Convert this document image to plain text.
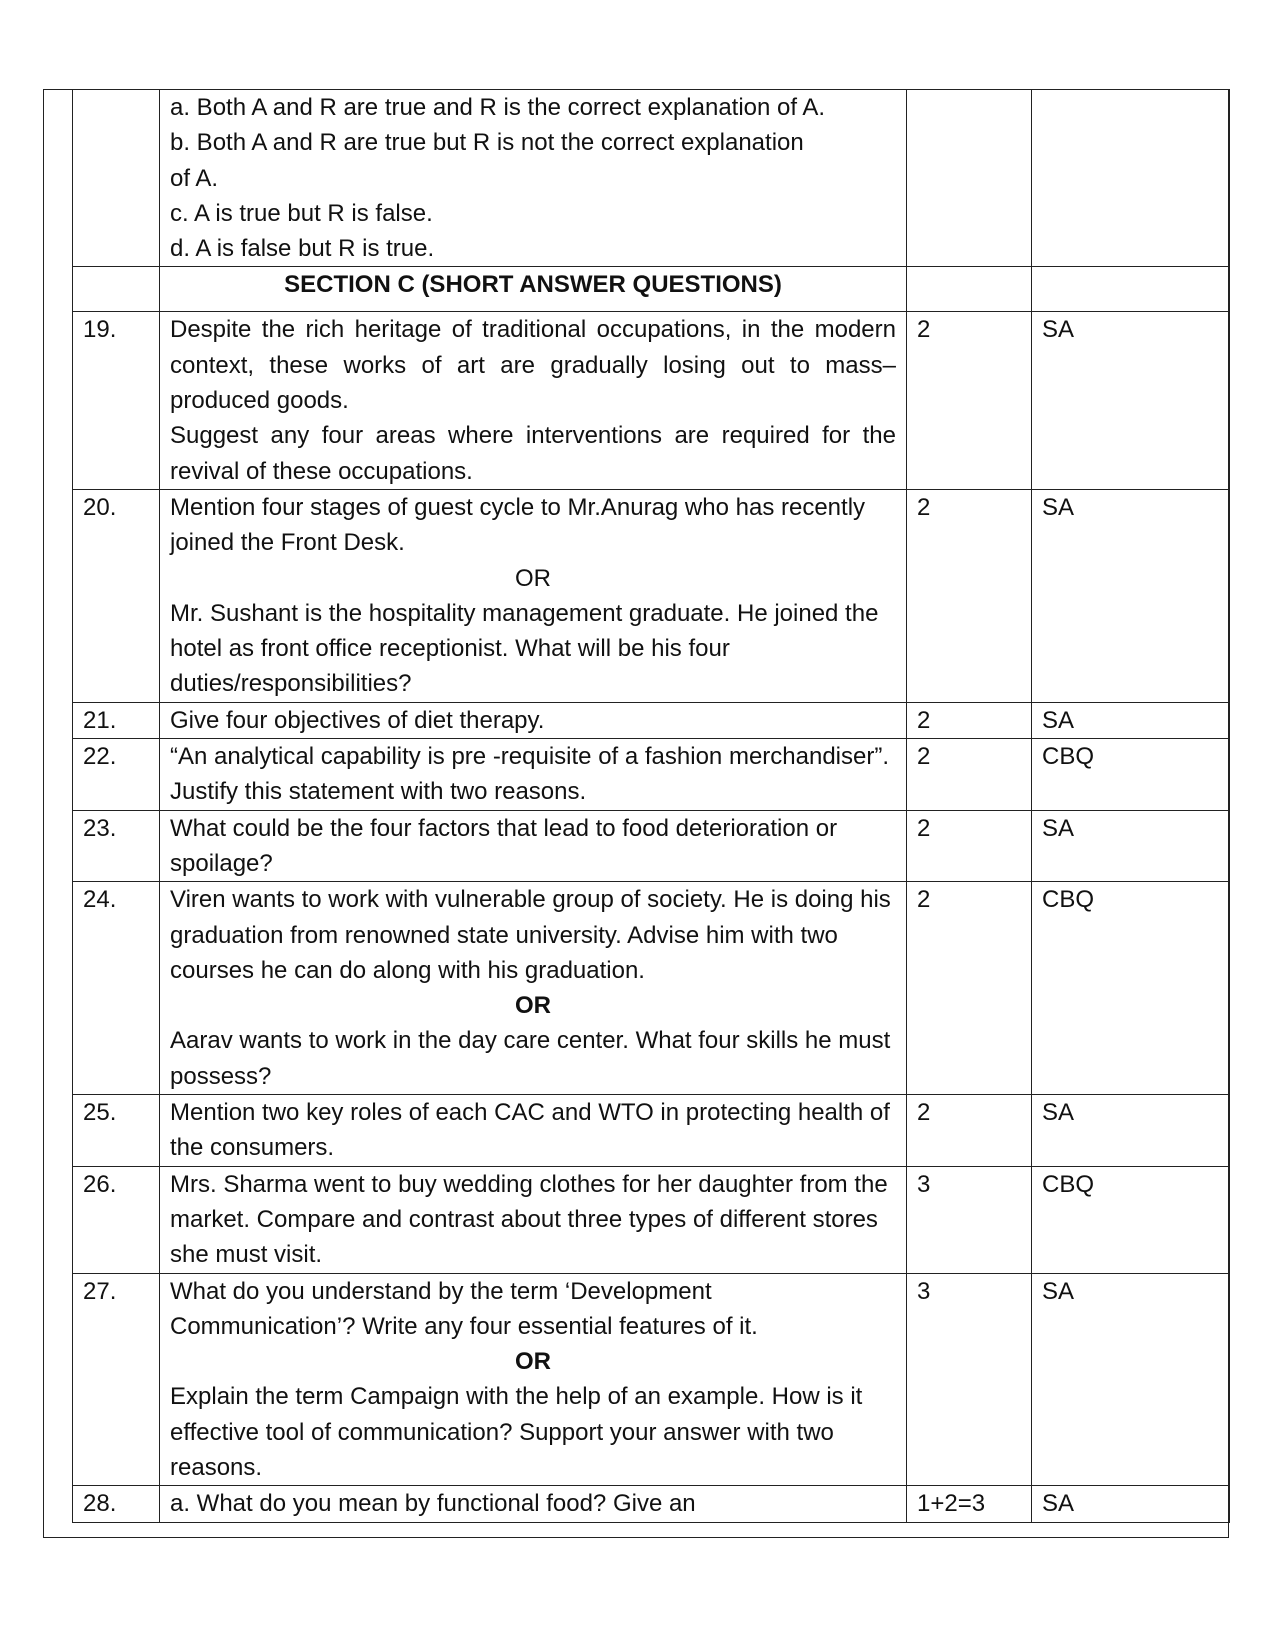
	a. Both A and R are true and R is the correct explanation of A.
b. Both A and R are true but R is not the correct explanation
of A.
c. A is true but R is false.
d. A is false but R is true.		

	SECTION C (SHORT ANSWER QUESTIONS)		
19.	Despite the rich heritage of traditional occupations, in the modern context, these works of art are gradually losing out to mass–produced goods.
Suggest any four areas where interventions are required for the revival of these occupations.	2	SA
20.	Mention four stages of guest cycle to Mr.Anurag who has recently joined the Front Desk.
OR
Mr. Sushant is the hospitality management graduate. He joined the hotel as front office receptionist. What will be his four duties/responsibilities?	2	SA
21.	Give four objectives of diet therapy.	2	SA
22.	“An analytical capability is pre -requisite of a fashion merchandiser”. Justify this statement with two reasons.	2	CBQ
23.	What could be the four factors that lead to food deterioration or spoilage?	2	SA
24.	Viren wants to work with vulnerable group of society. He is doing his graduation from renowned state university. Advise him with two courses he can do along with his graduation.
OR
Aarav wants to work in the day care center. What four skills he must possess?	2	CBQ
25.	Mention two key roles of each CAC and WTO in protecting health of the consumers.	2	SA
26.	Mrs. Sharma went to buy wedding clothes for her daughter from the market. Compare and contrast about three types of different stores she must visit.	3	CBQ
27.	What do you understand by the term ‘Development Communication’? Write any four essential features of it.
OR
Explain the term Campaign with the help of an example. How is it effective tool of communication? Support your answer with two reasons.	3	SA
28.	a. What do you mean by functional food? Give an	1+2=3	SA
